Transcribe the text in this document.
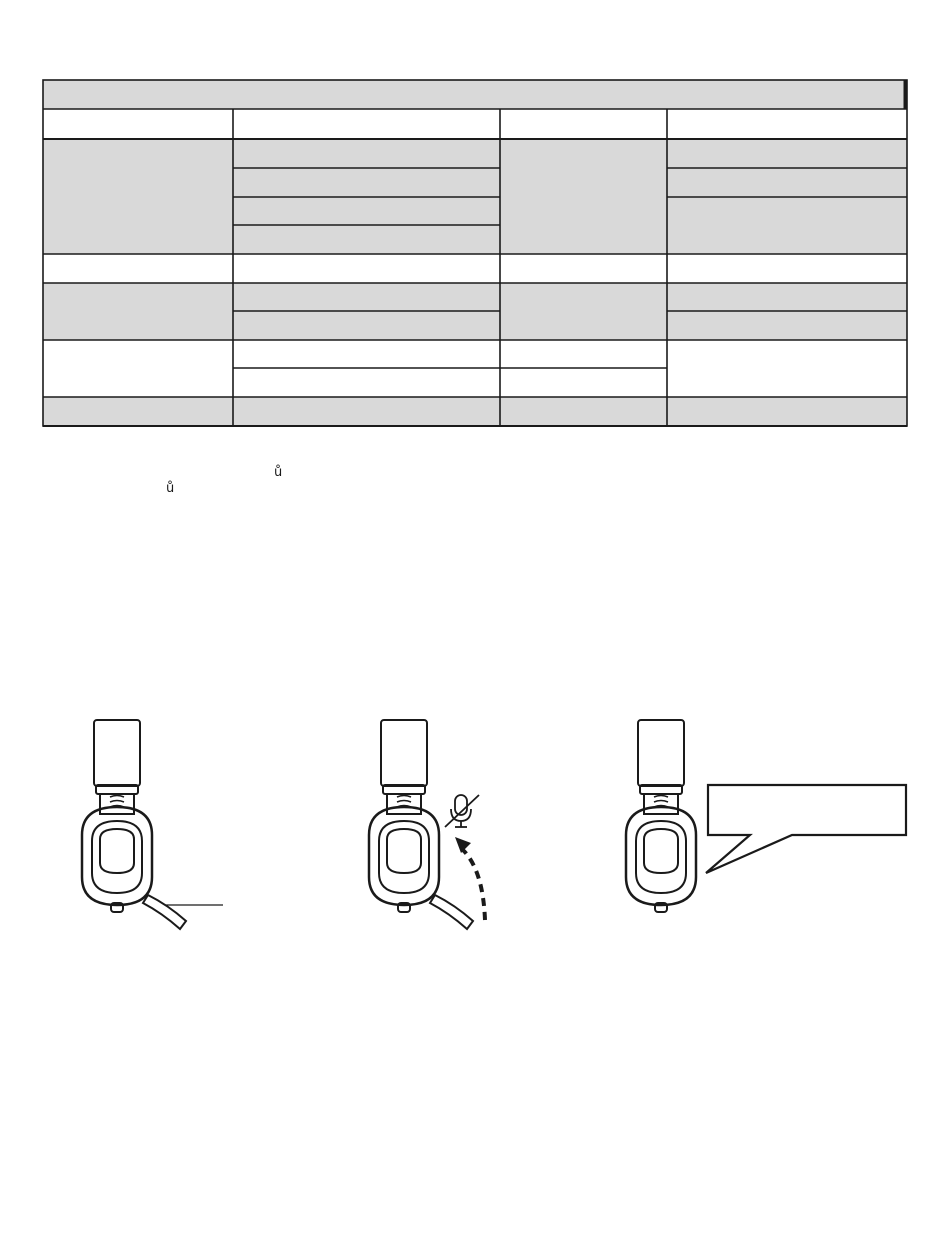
ů
ů
